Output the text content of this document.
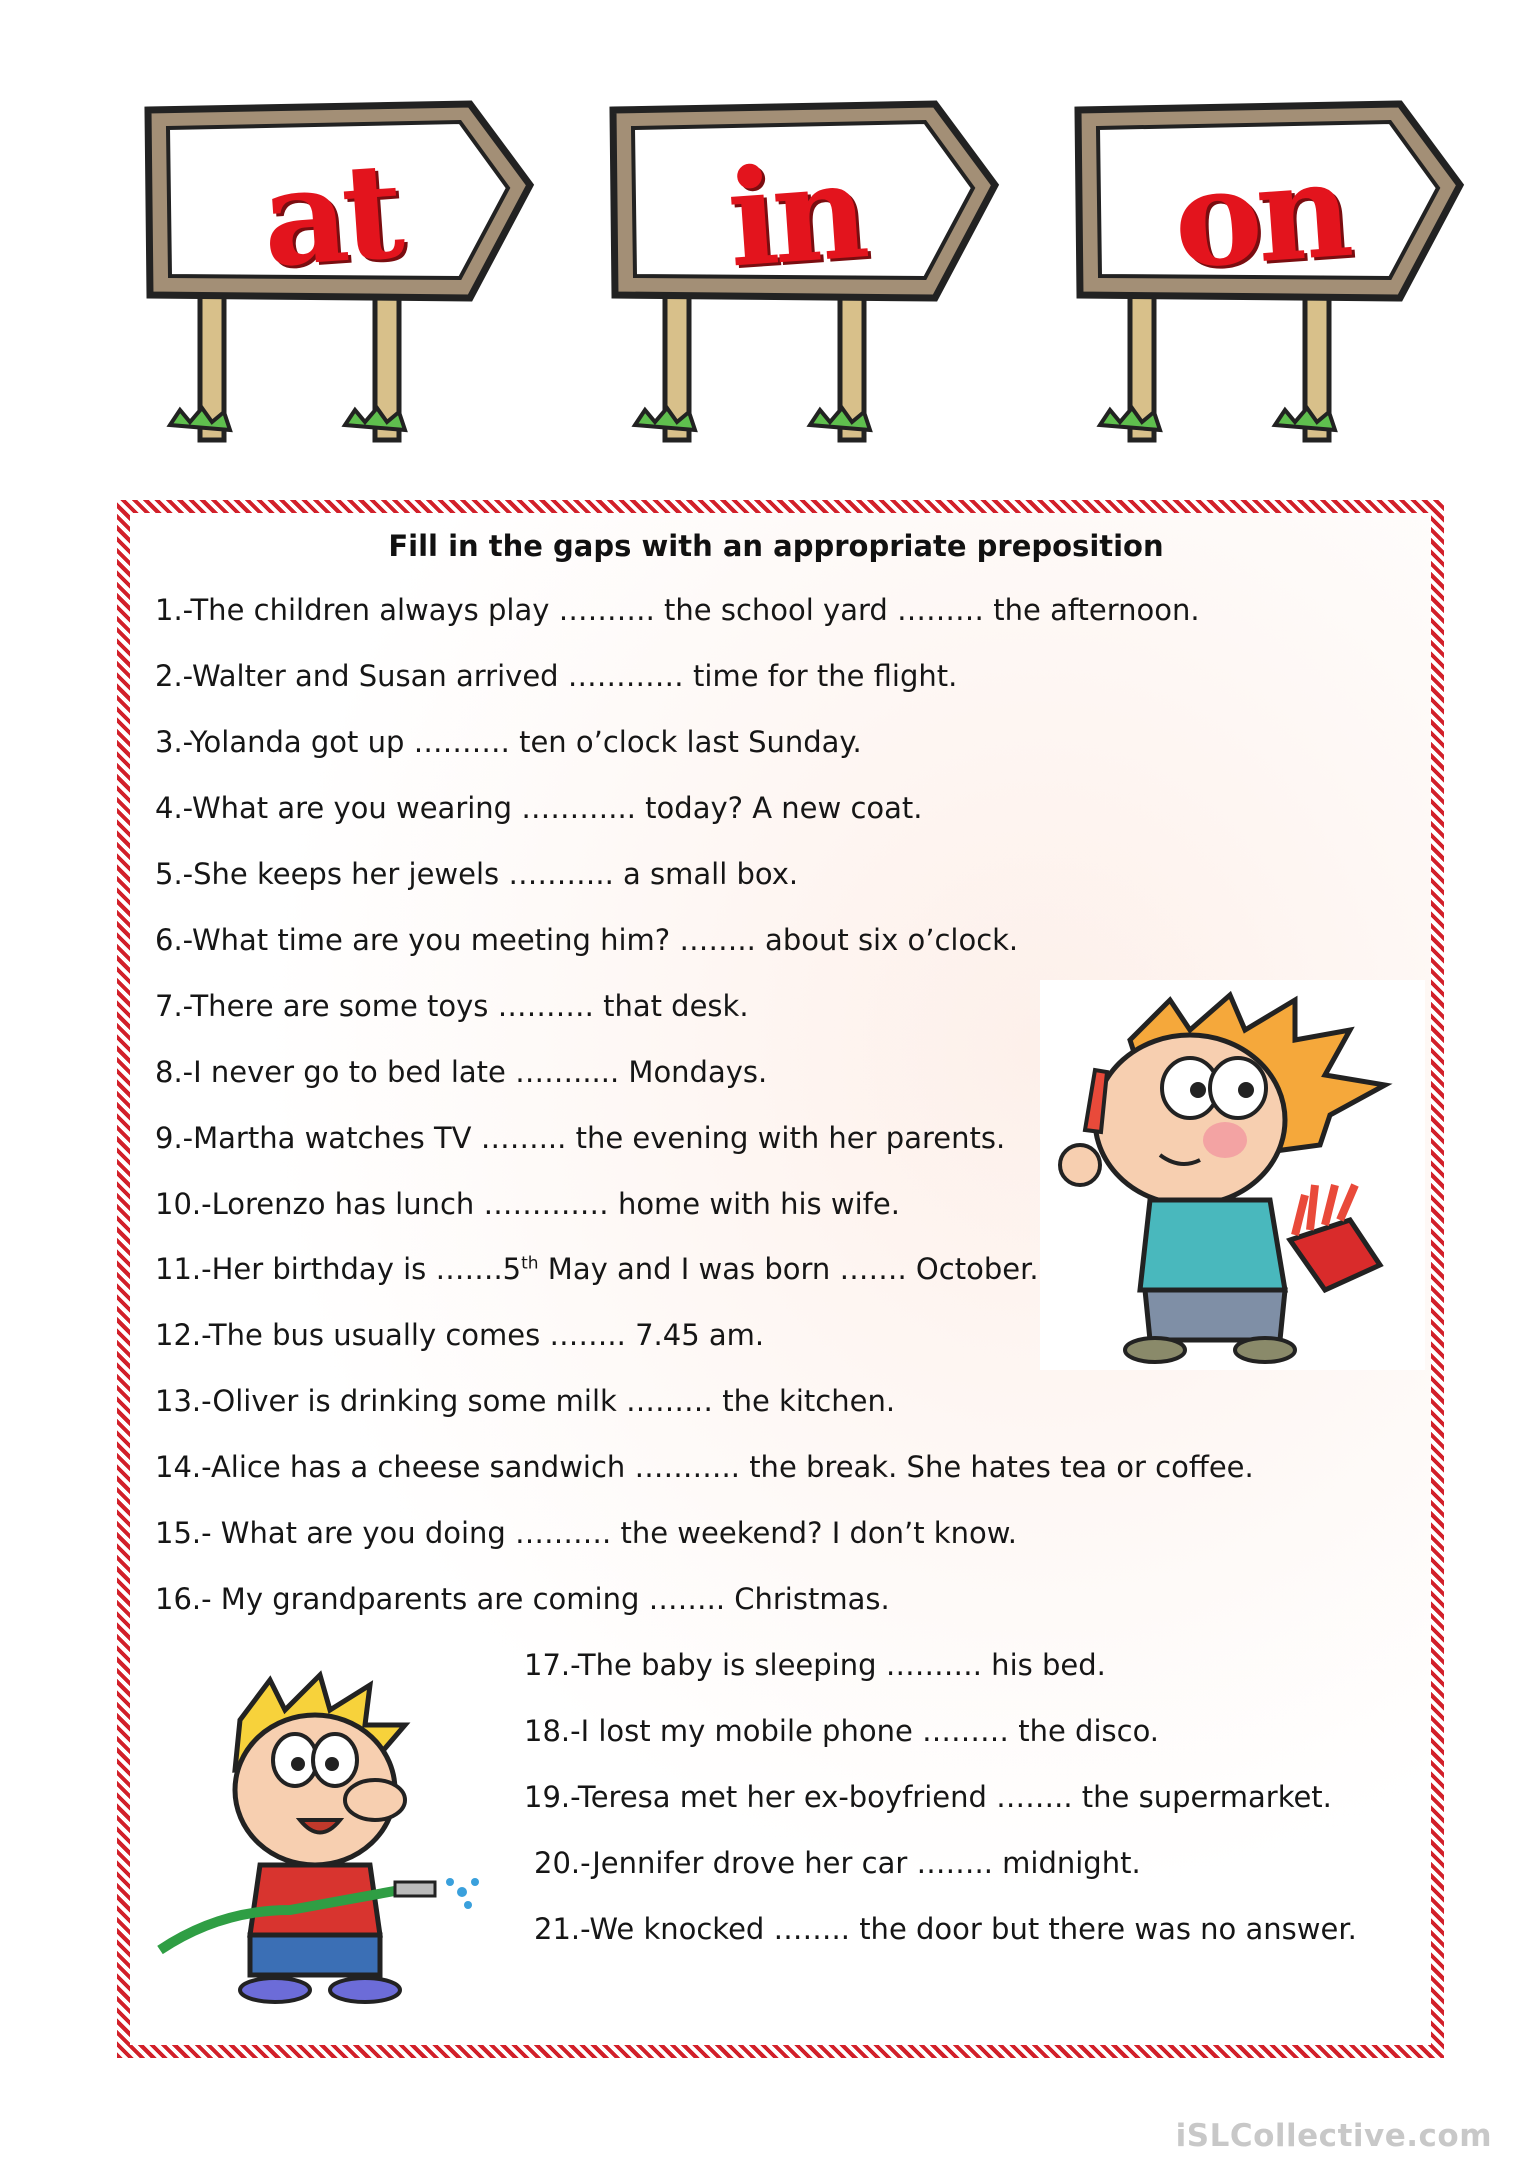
at	in	on
Fill in the gaps with an appropriate preposition
1.-The children always play ………. the school yard ……… the afternoon.
2.-Walter and Susan arrived ………… time for the flight.
3.-Yolanda got up ………. ten o’clock last Sunday.
4.-What are you wearing ………... today? A new coat.
5.-She keeps her jewels ……….. a small box.
6.-What time are you meeting him? …….. about six o’clock.
7.-There are some toys ………. that desk.
8.-I never go to bed late ……..... Mondays.
9.-Martha watches TV ……... the evening with her parents.
10.-Lorenzo has lunch ……….… home with his wife.
11.-Her birthday is …….5th May and I was born ……. October.
12.-The bus usually comes …….. 7.45 am.
13.-Oliver is drinking some milk ……… the kitchen.
14.-Alice has a cheese sandwich ……….. the break. She hates tea or coffee.
15.- What are you doing ………. the weekend? I don’t know.
16.- My grandparents are coming …….. Christmas.
17.-The baby is sleeping ………. his bed.
18.-I lost my mobile phone ……… the disco.
19.-Teresa met her ex-boyfriend …….. the supermarket.
20.-Jennifer drove her car …….. midnight.
21.-We knocked …….. the door but there was no answer.
iSLCollective.com
